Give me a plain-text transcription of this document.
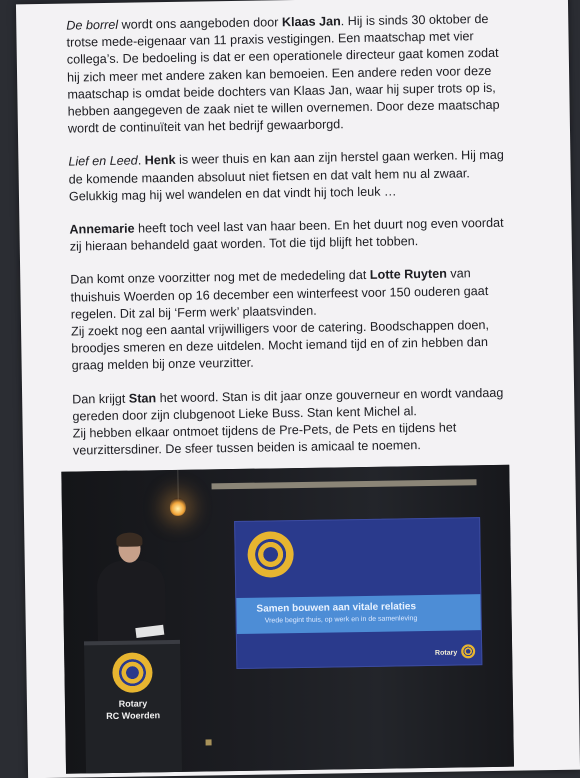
De borrel wordt ons aangeboden door Klaas Jan. Hij is sinds 30 oktober de
trotse mede-eigenaar van 11 praxis vestigingen. Een maatschap met vier
collega’s. De bedoeling is dat er een operationele directeur gaat komen zodat
hij zich meer met andere zaken kan bemoeien. Een andere reden voor deze
maatschap is omdat beide dochters van Klaas Jan, waar hij super trots op is,
hebben aangegeven de zaak niet te willen overnemen. Door deze maatschap
wordt de continuïteit van het bedrijf gewaarborgd.

Lief en Leed. Henk is weer thuis en kan aan zijn herstel gaan werken. Hij mag
de komende maanden absoluut niet fietsen en dat valt hem nu al zwaar.
Gelukkig mag hij wel wandelen en dat vindt hij toch leuk …

Annemarie heeft toch veel last van haar been. En het duurt nog even voordat
zij hieraan behandeld gaat worden. Tot die tijd blijft het tobben.

Dan komt onze voorzitter nog met de mededeling dat Lotte Ruyten van
thuishuis Woerden op 16 december een winterfeest voor 150 ouderen gaat
regelen. Dit zal bij ‘Ferm werk’ plaatsvinden.
Zij zoekt nog een aantal vrijwilligers voor de catering. Boodschappen doen,
broodjes smeren en deze uitdelen. Mocht iemand tijd en of zin hebben dan
graag melden bij onze veurzitter.

Dan krijgt Stan het woord. Stan is dit jaar onze gouverneur en wordt vandaag
gereden door zijn clubgenoot Lieke Buss. Stan kent Michel al.
Zij hebben elkaar ontmoet tijdens de Pre-Pets, de Pets en tijdens het
veurzittersdiner. De sfeer tussen beiden is amicaal te noemen.

Samen bouwen aan vitale relaties
Vrede begint thuis, op werk en in de samenleving
Rotary
Rotary
RC Woerden
